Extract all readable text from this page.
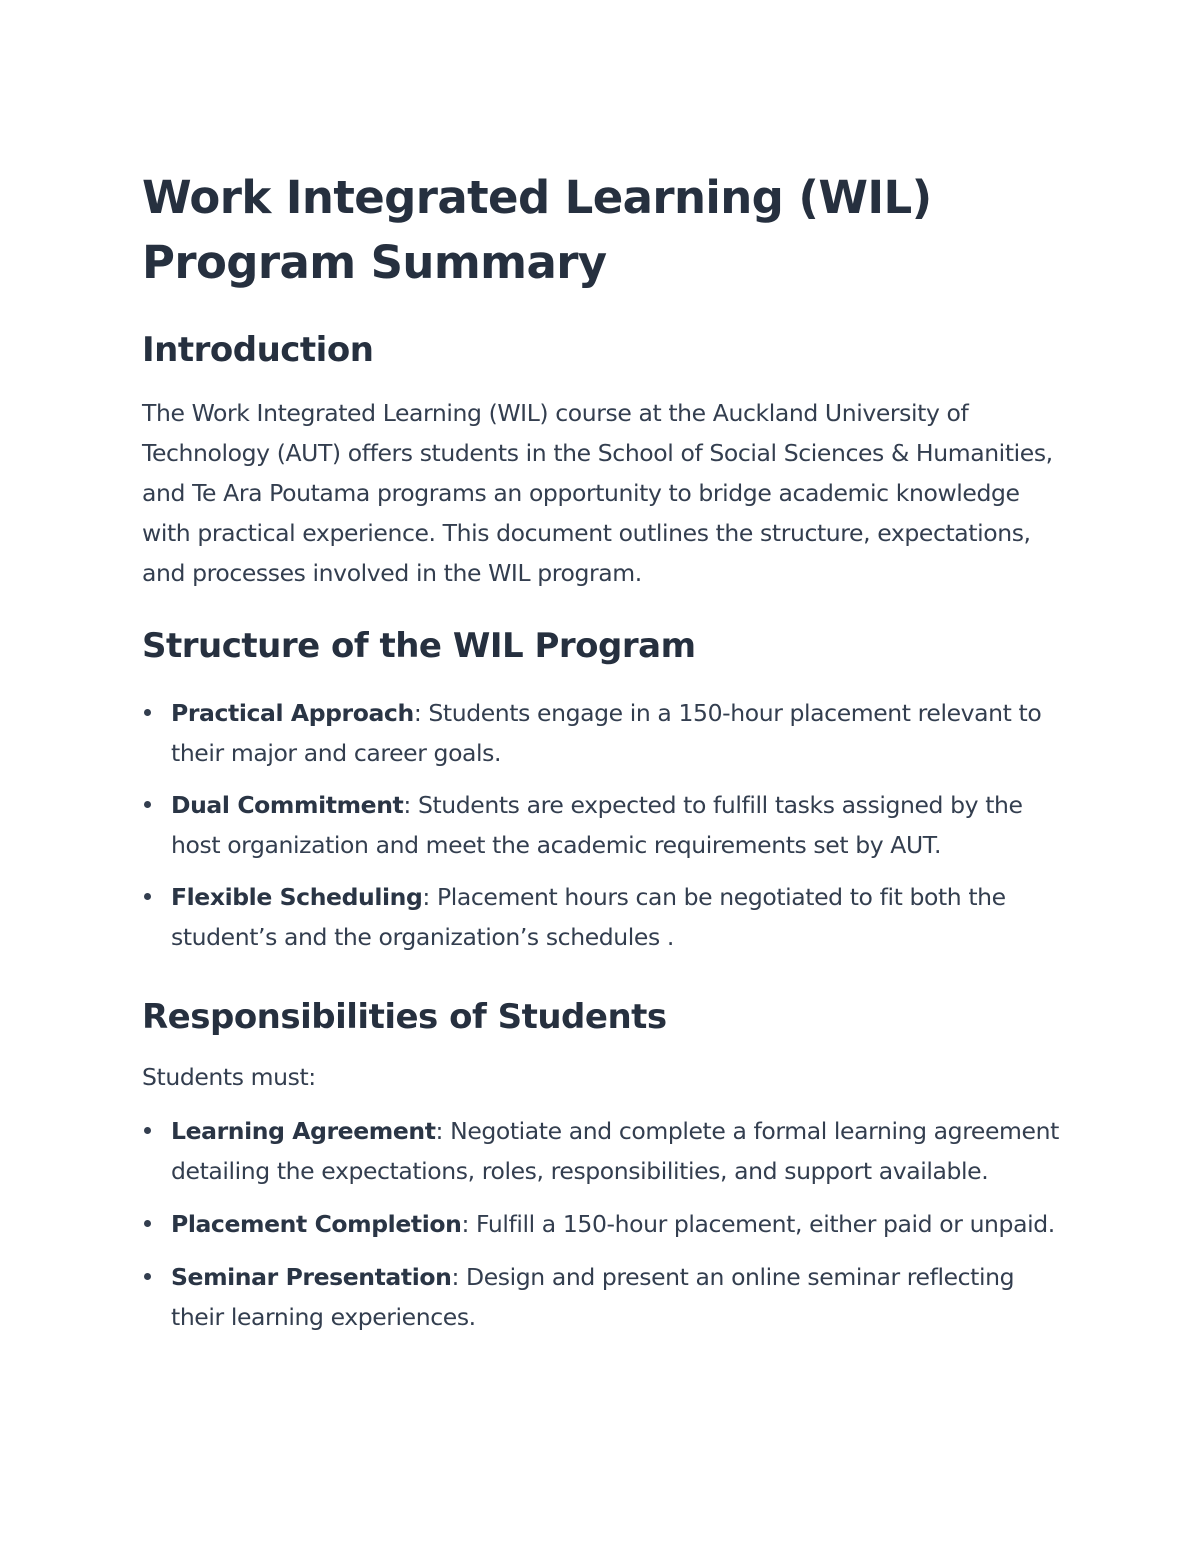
Work Integrated Learning (WIL) Program Summary
Introduction

The Work Integrated Learning (WIL) course at the Auckland University of Technology (AUT) offers students in the School of Social Sciences & Humanities, and Te Ara Poutama programs an opportunity to bridge academic knowledge with practical experience. This document outlines the structure, expectations, and processes involved in the WIL program.

Structure of the WIL Program
Practical Approach: Students engage in a 150-hour placement relevant to their major and career goals.
Dual Commitment: Students are expected to fulfill tasks assigned by the host organization and meet the academic requirements set by AUT.
Flexible Scheduling: Placement hours can be negotiated to fit both the student’s and the organization’s schedules .
Responsibilities of Students

Students must:

Learning Agreement: Negotiate and complete a formal learning agreement detailing the expectations, roles, responsibilities, and support available.
Placement Completion: Fulfill a 150-hour placement, either paid or unpaid.
Seminar Presentation: Design and present an online seminar reflecting their learning experiences.
